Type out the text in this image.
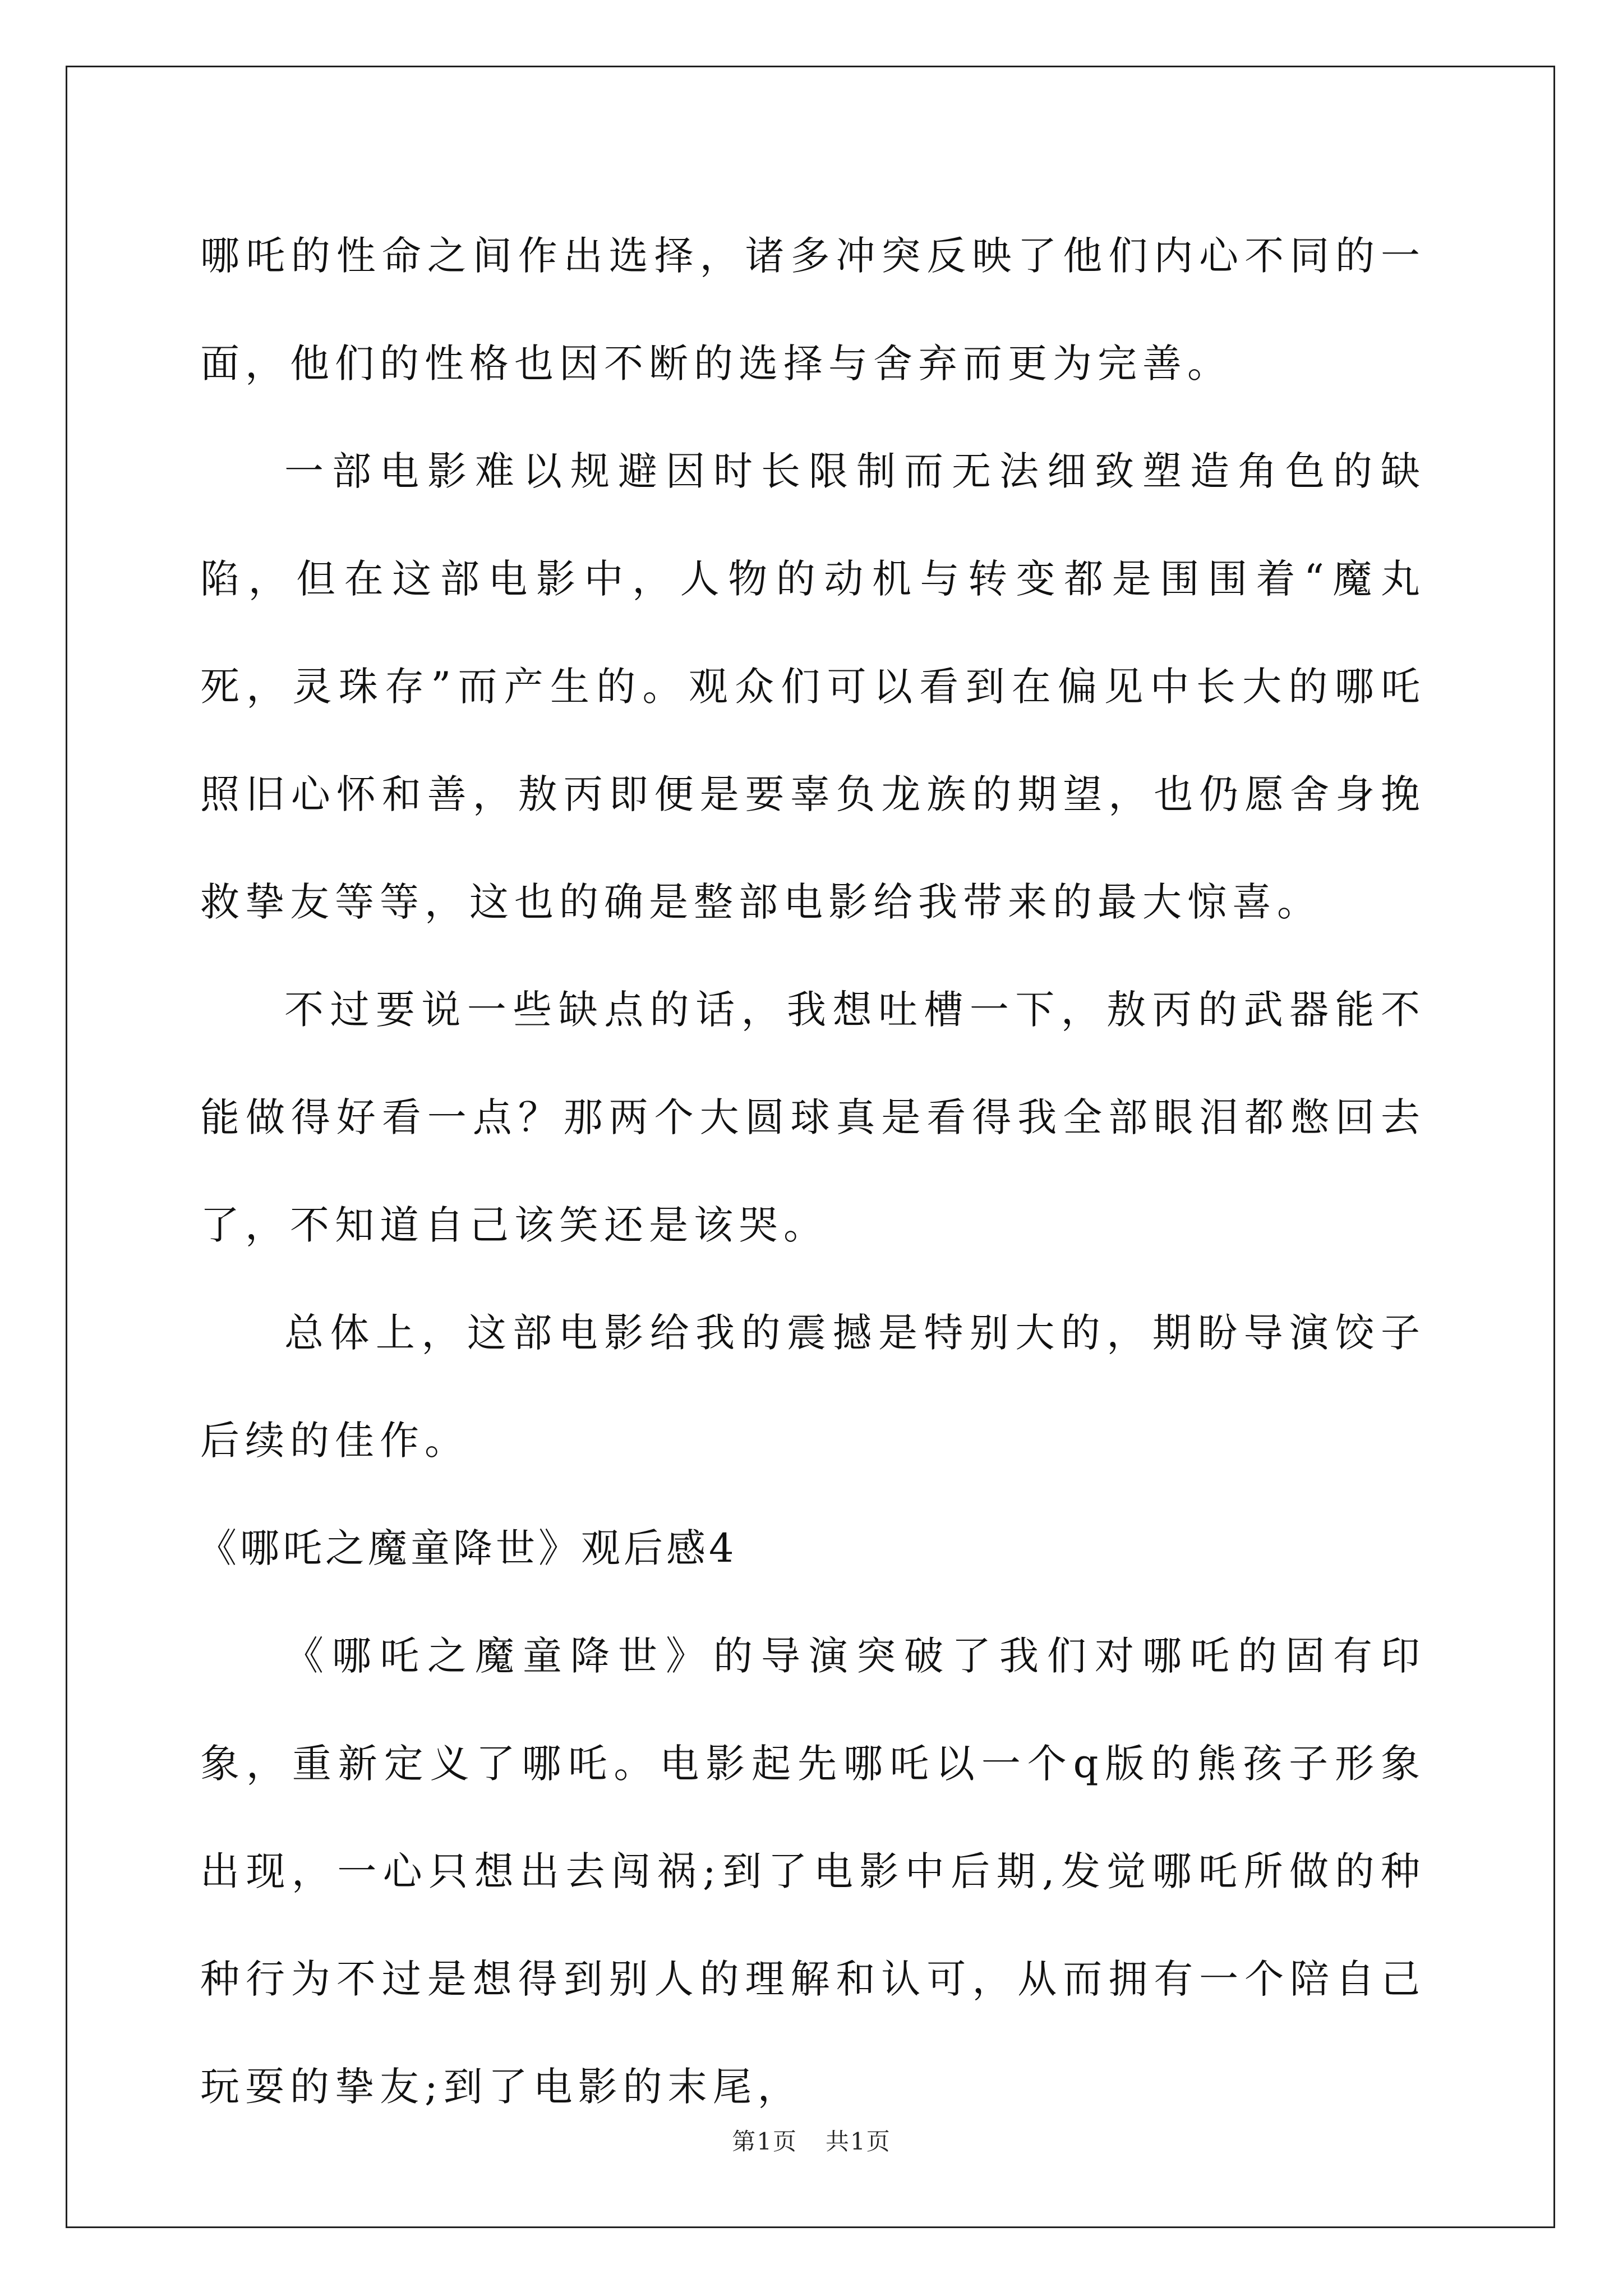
哪吒的性命之间作出选择，诸多冲突反映了他们内心不同的一面，他们的性格也因不断的选择与舍弃而更为完善。

一部电影难以规避因时长限制而无法细致塑造角色的缺陷，但在这部电影中，人物的动机与转变都是围围着“魔丸死，灵珠存”而产生的。观众们可以看到在偏见中长大的哪吒照旧心怀和善，敖丙即便是要辜负龙族的期望，也仍愿舍身挽救挚友等等，这也的确是整部电影给我带来的最大惊喜。

不过要说一些缺点的话，我想吐槽一下，敖丙的武器能不能做得好看一点？那两个大圆球真是看得我全部眼泪都憋回去了，不知道自己该笑还是该哭。

总体上，这部电影给我的震撼是特别大的，期盼导演饺子后续的佳作。

《哪吒之魔童降世》观后感4

《哪吒之魔童降世》的导演突破了我们对哪吒的固有印象，重新定义了哪吒。电影起先哪吒以一个q版的熊孩子形象出现，一心只想出去闯祸;到了电影中后期,发觉哪吒所做的种种行为不过是想得到别人的理解和认可，从而拥有一个陪自己玩耍的挚友;到了电影的末尾，

第1页 共1页
